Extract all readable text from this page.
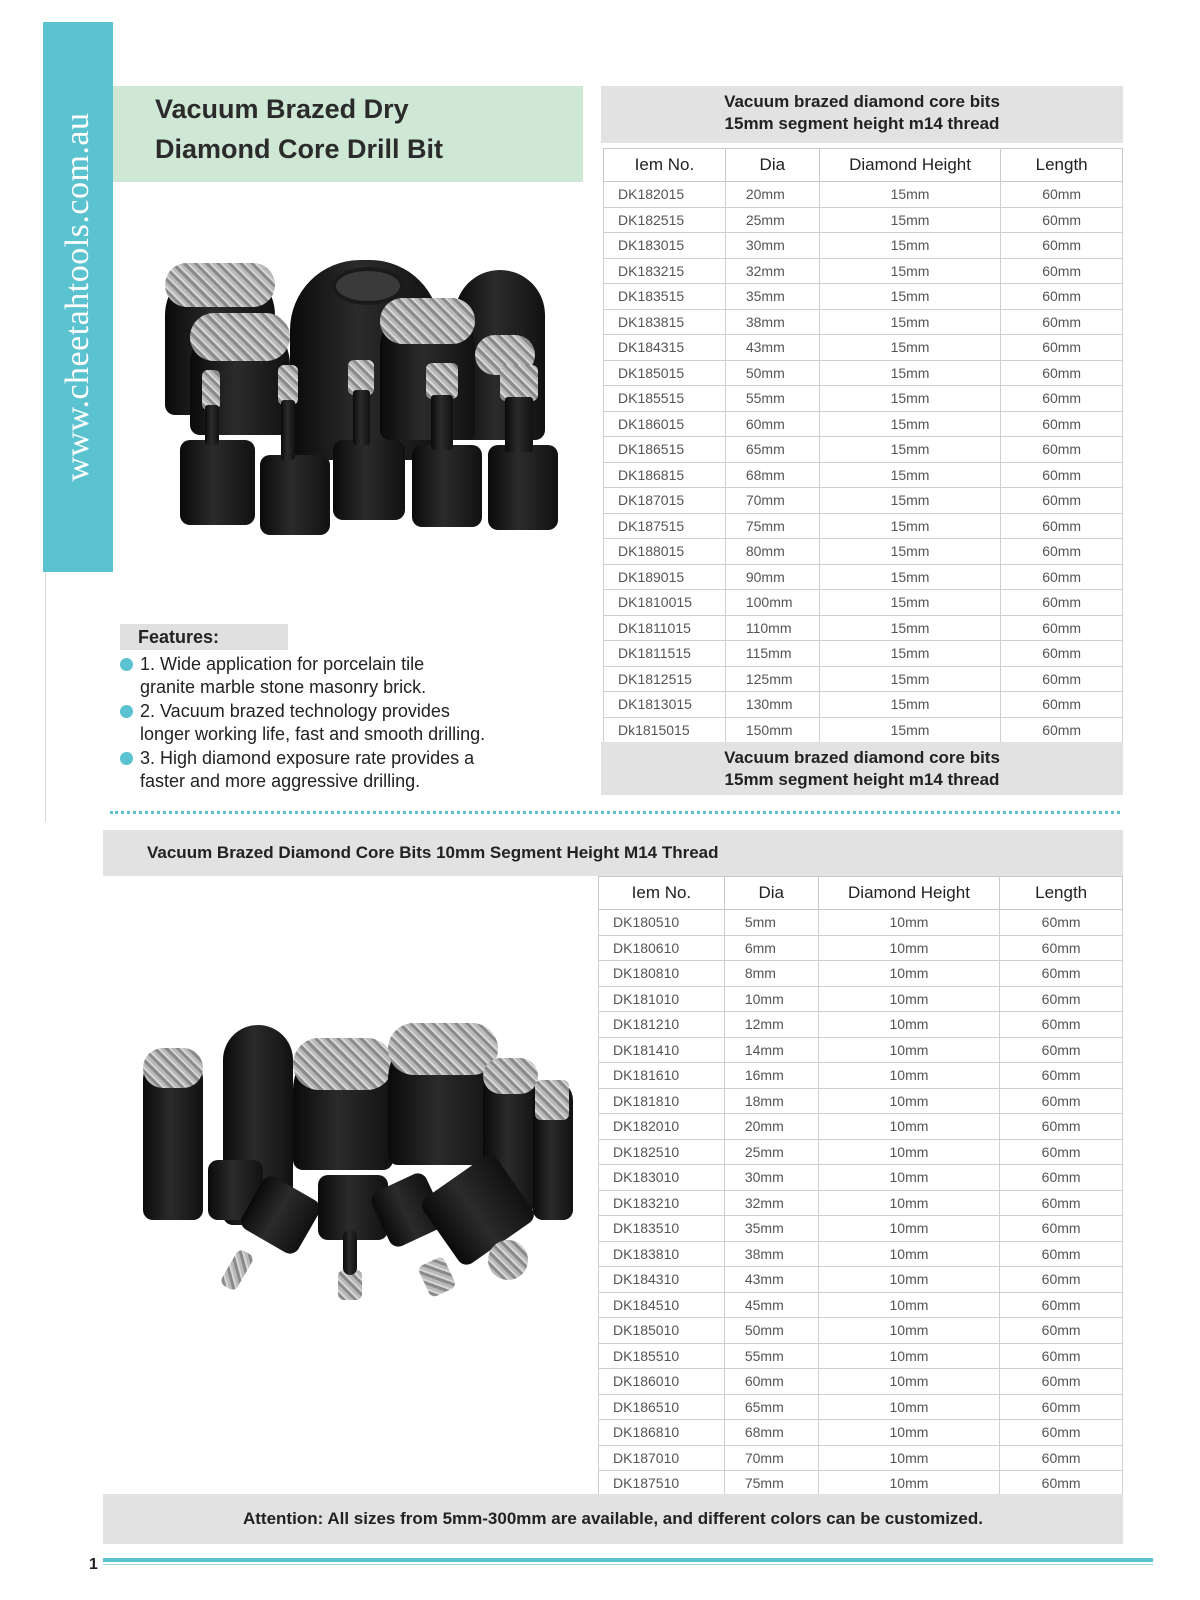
www.cheetahtools.com.au
Vacuum Brazed Dry
Diamond Core Drill Bit
Features:
1. Wide application for porcelain tile
granite marble stone masonry brick.
2. Vacuum brazed technology provides
longer working life, fast and smooth drilling.
3. High diamond exposure rate provides a
faster and more aggressive drilling.
Vacuum brazed diamond core bits
15mm segment height m14 thread
Iem No.	Dia	Diamond Height	Length
DK182015	20mm	15mm	60mm
DK182515	25mm	15mm	60mm
DK183015	30mm	15mm	60mm
DK183215	32mm	15mm	60mm
DK183515	35mm	15mm	60mm
DK183815	38mm	15mm	60mm
DK184315	43mm	15mm	60mm
DK185015	50mm	15mm	60mm
DK185515	55mm	15mm	60mm
DK186015	60mm	15mm	60mm
DK186515	65mm	15mm	60mm
DK186815	68mm	15mm	60mm
DK187015	70mm	15mm	60mm
DK187515	75mm	15mm	60mm
DK188015	80mm	15mm	60mm
DK189015	90mm	15mm	60mm
DK1810015	100mm	15mm	60mm
DK1811015	110mm	15mm	60mm
DK1811515	115mm	15mm	60mm
DK1812515	125mm	15mm	60mm
DK1813015	130mm	15mm	60mm
Dk1815015	150mm	15mm	60mm
Vacuum brazed diamond core bits
15mm segment height m14 thread
Vacuum Brazed Diamond Core Bits 10mm Segment Height M14 Thread
Iem No.	Dia	Diamond Height	Length
DK180510	5mm	10mm	60mm
DK180610	6mm	10mm	60mm
DK180810	8mm	10mm	60mm
DK181010	10mm	10mm	60mm
DK181210	12mm	10mm	60mm
DK181410	14mm	10mm	60mm
DK181610	16mm	10mm	60mm
DK181810	18mm	10mm	60mm
DK182010	20mm	10mm	60mm
DK182510	25mm	10mm	60mm
DK183010	30mm	10mm	60mm
DK183210	32mm	10mm	60mm
DK183510	35mm	10mm	60mm
DK183810	38mm	10mm	60mm
DK184310	43mm	10mm	60mm
DK184510	45mm	10mm	60mm
DK185010	50mm	10mm	60mm
DK185510	55mm	10mm	60mm
DK186010	60mm	10mm	60mm
DK186510	65mm	10mm	60mm
DK186810	68mm	10mm	60mm
DK187010	70mm	10mm	60mm
DK187510	75mm	10mm	60mm
Attention: All sizes from 5mm-300mm are available, and different colors can be customized.
1
